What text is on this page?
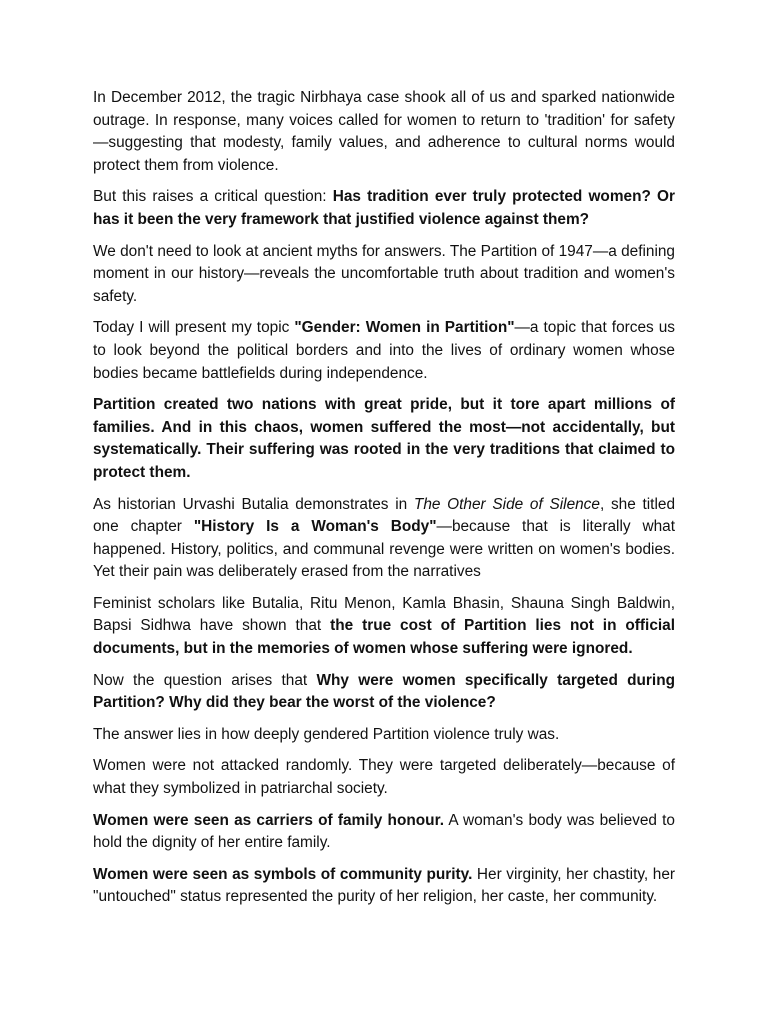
In December 2012, the tragic Nirbhaya case shook all of us and sparked nationwide outrage. In response, many voices called for women to return to 'tradition' for safety—suggesting that modesty, family values, and adherence to cultural norms would protect them from violence.

But this raises a critical question: Has tradition ever truly protected women? Or has it been the very framework that justified violence against them?

We don't need to look at ancient myths for answers. The Partition of 1947—a defining moment in our history—reveals the uncomfortable truth about tradition and women's safety.

Today I will present my topic "Gender: Women in Partition"—a topic that forces us to look beyond the political borders and into the lives of ordinary women whose bodies became battlefields during independence.

Partition created two nations with great pride, but it tore apart millions of families. And in this chaos, women suffered the most—not accidentally, but systematically. Their suffering was rooted in the very traditions that claimed to protect them.

As historian Urvashi Butalia demonstrates in The Other Side of Silence, she titled one chapter "History Is a Woman's Body"—because that is literally what happened. History, politics, and communal revenge were written on women's bodies. Yet their pain was deliberately erased from the narratives

Feminist scholars like Butalia, Ritu Menon, Kamla Bhasin, Shauna Singh Baldwin, Bapsi Sidhwa have shown that the true cost of Partition lies not in official documents, but in the memories of women whose suffering were ignored.

Now the question arises that Why were women specifically targeted during Partition? Why did they bear the worst of the violence?

The answer lies in how deeply gendered Partition violence truly was.

Women were not attacked randomly. They were targeted deliberately—because of what they symbolized in patriarchal society.

Women were seen as carriers of family honour. A woman's body was believed to hold the dignity of her entire family.

Women were seen as symbols of community purity. Her virginity, her chastity, her "untouched" status represented the purity of her religion, her caste, her community.
